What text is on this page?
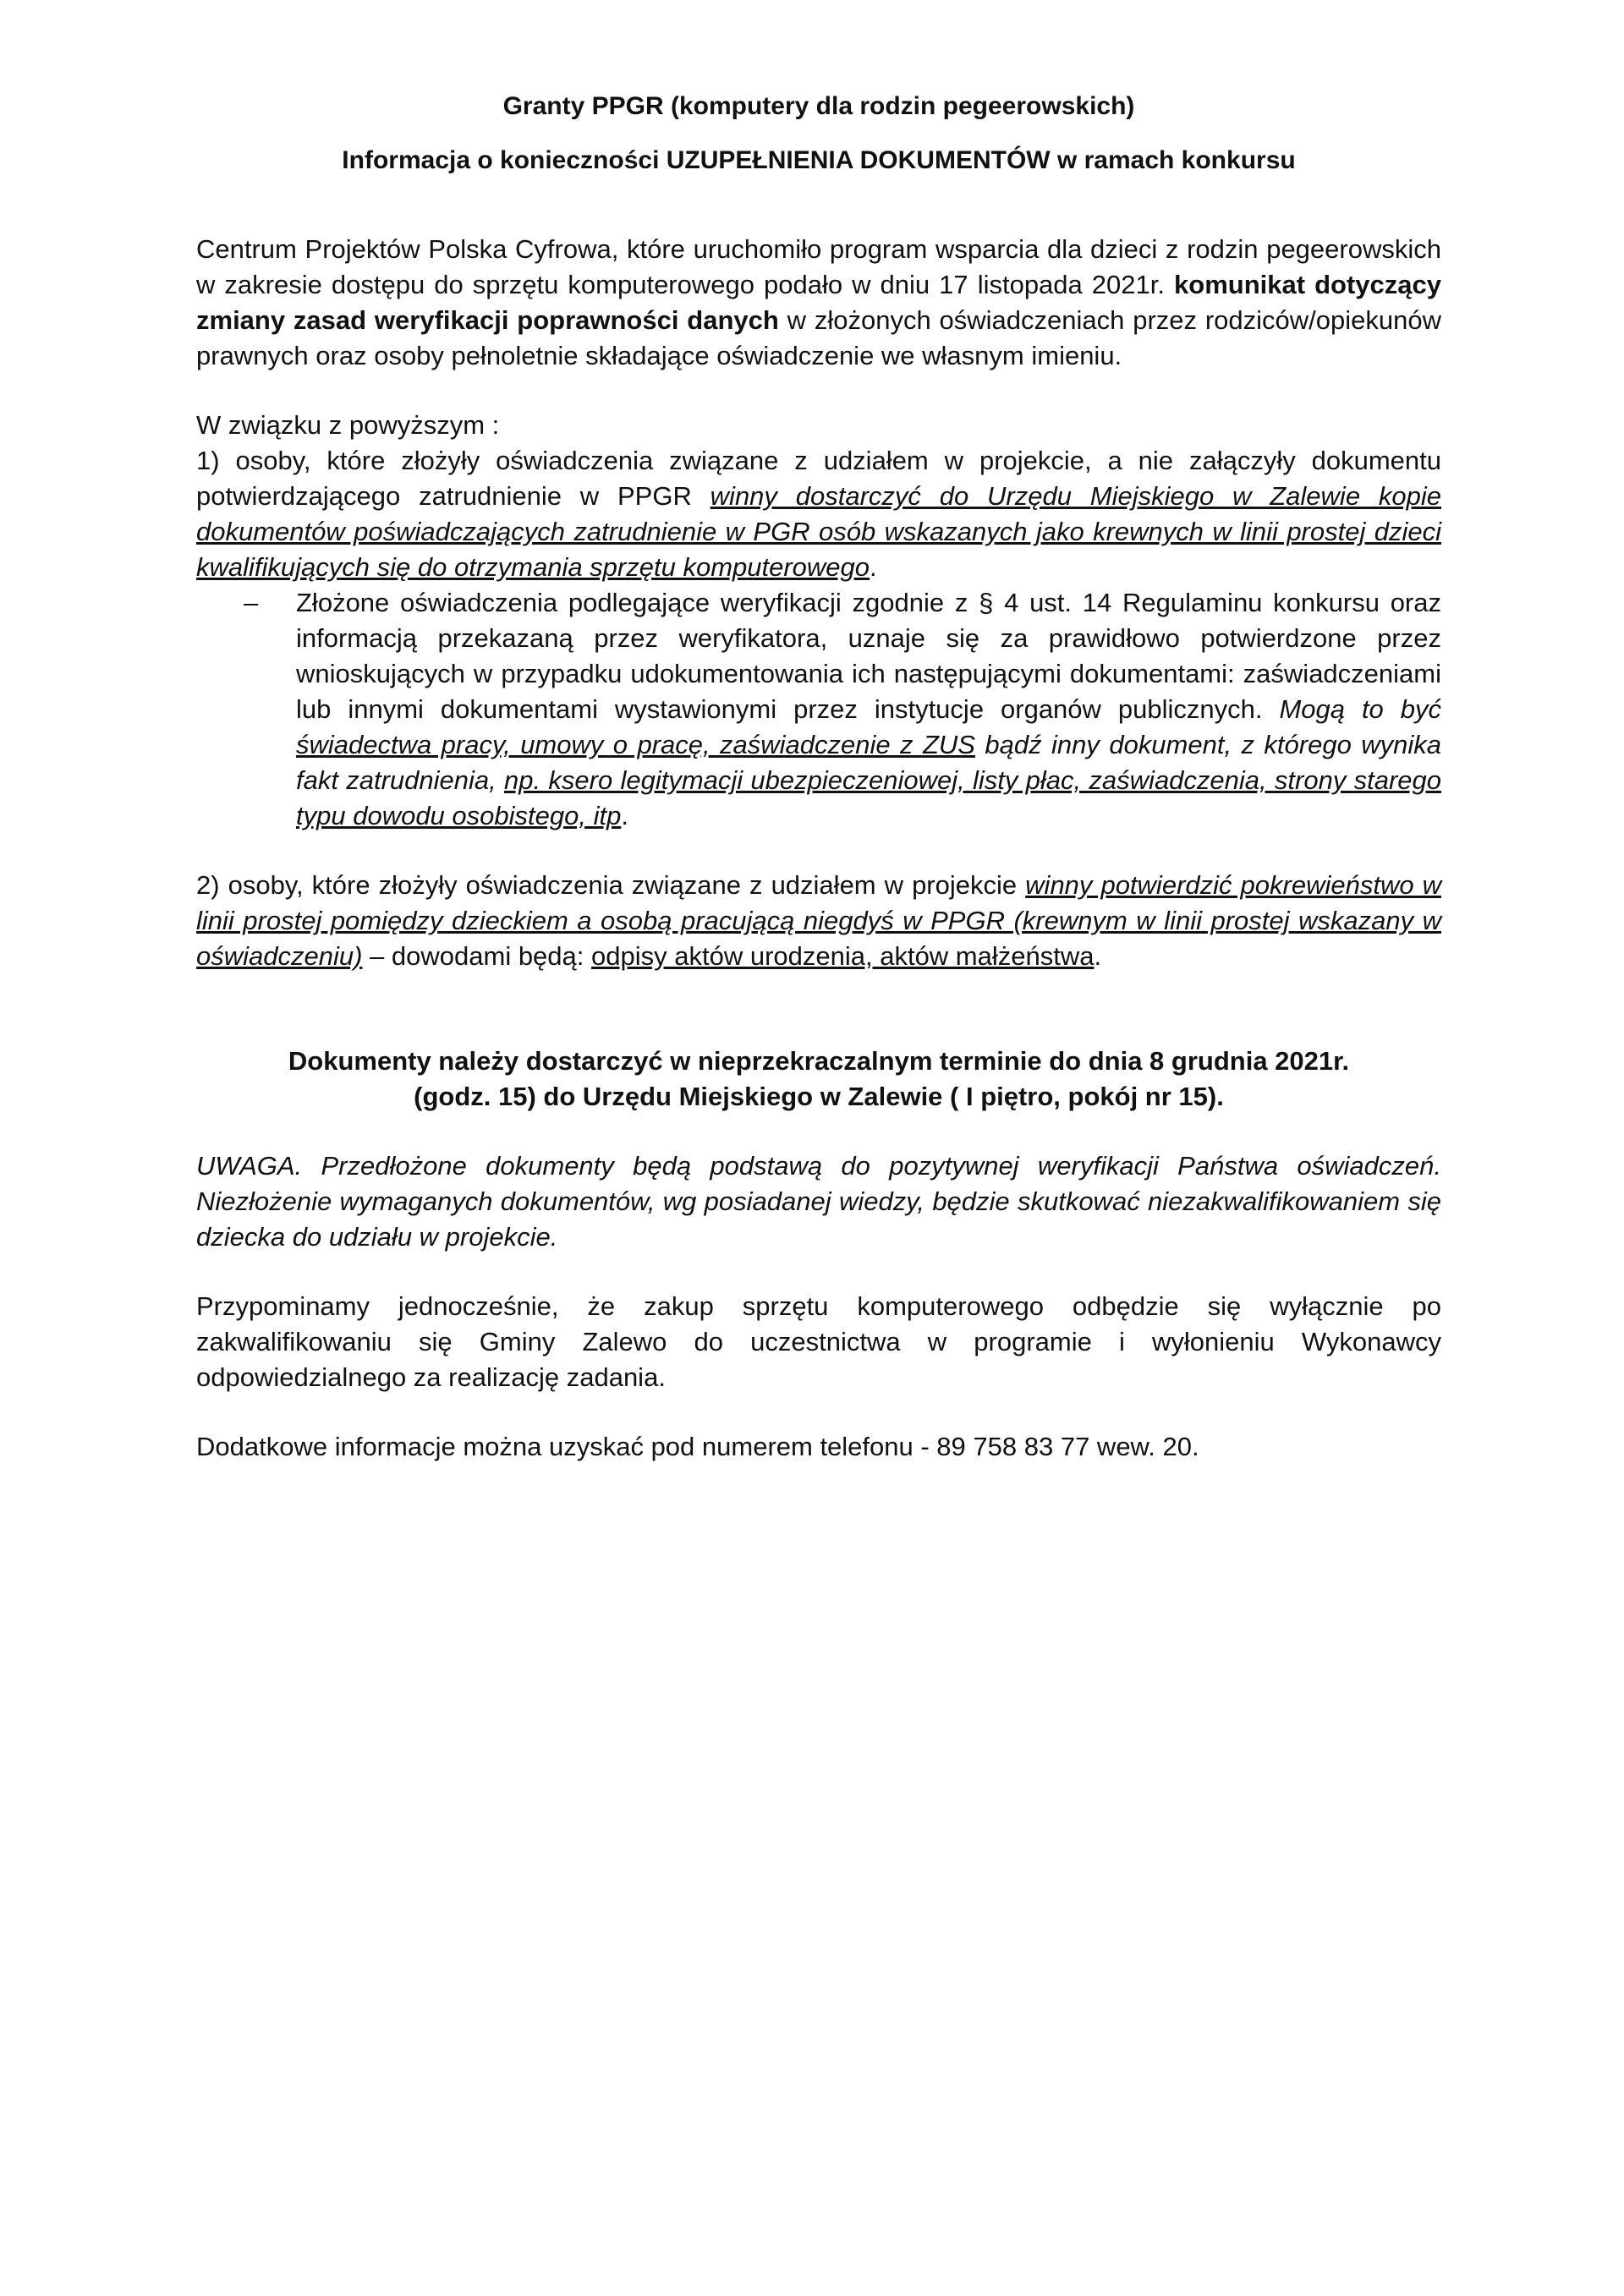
Granty PPGR (komputery dla rodzin pegeerowskich)

Informacja o konieczności UZUPEŁNIENIA DOKUMENTÓW w ramach konkursu

Centrum Projektów Polska Cyfrowa, które uruchomiło program wsparcia dla dzieci z rodzin pegeerowskich w zakresie dostępu do sprzętu komputerowego podało w dniu 17 listopada 2021r. komunikat dotyczący zmiany zasad weryfikacji poprawności danych w złożonych oświadczeniach przez rodziców/opiekunów prawnych oraz osoby pełnoletnie składające oświadczenie we własnym imieniu.

W związku z powyższym :

1) osoby, które złożyły oświadczenia związane z udziałem w projekcie, a nie załączyły dokumentu potwierdzającego zatrudnienie w PPGR winny dostarczyć do Urzędu Miejskiego w Zalewie kopie dokumentów poświadczających zatrudnienie w PGR osób wskazanych jako krewnych w linii prostej dzieci kwalifikujących się do otrzymania sprzętu komputerowego.

– Złożone oświadczenia podlegające weryfikacji zgodnie z § 4 ust. 14 Regulaminu konkursu oraz informacją przekazaną przez weryfikatora, uznaje się za prawidłowo potwierdzone przez wnioskujących w przypadku udokumentowania ich następującymi dokumentami: zaświadczeniami lub innymi dokumentami wystawionymi przez instytucje organów publicznych. Mogą to być świadectwa pracy, umowy o pracę, zaświadczenie z ZUS bądź inny dokument, z którego wynika fakt zatrudnienia, np. ksero legitymacji ubezpieczeniowej, listy płac, zaświadczenia, strony starego typu dowodu osobistego, itp.

2) osoby, które złożyły oświadczenia związane z udziałem w projekcie winny potwierdzić pokrewieństwo w linii prostej pomiędzy dzieckiem a osobą pracującą niegdyś w PPGR (krewnym w linii prostej wskazany w oświadczeniu) – dowodami będą: odpisy aktów urodzenia, aktów małżeństwa.

Dokumenty należy dostarczyć w nieprzekraczalnym terminie do dnia 8 grudnia 2021r.
(godz. 15) do Urzędu Miejskiego w Zalewie ( I piętro, pokój nr 15).

UWAGA. Przedłożone dokumenty będą podstawą do pozytywnej weryfikacji Państwa oświadczeń. Niezłożenie wymaganych dokumentów, wg posiadanej wiedzy, będzie skutkować niezakwalifikowaniem się dziecka do udziału w projekcie.

Przypominamy jednocześnie, że zakup sprzętu komputerowego odbędzie się wyłącznie po zakwalifikowaniu się Gminy Zalewo do uczestnictwa w programie i wyłonieniu Wykonawcy odpowiedzialnego za realizację zadania.

Dodatkowe informacje można uzyskać pod numerem telefonu - 89 758 83 77 wew. 20.
